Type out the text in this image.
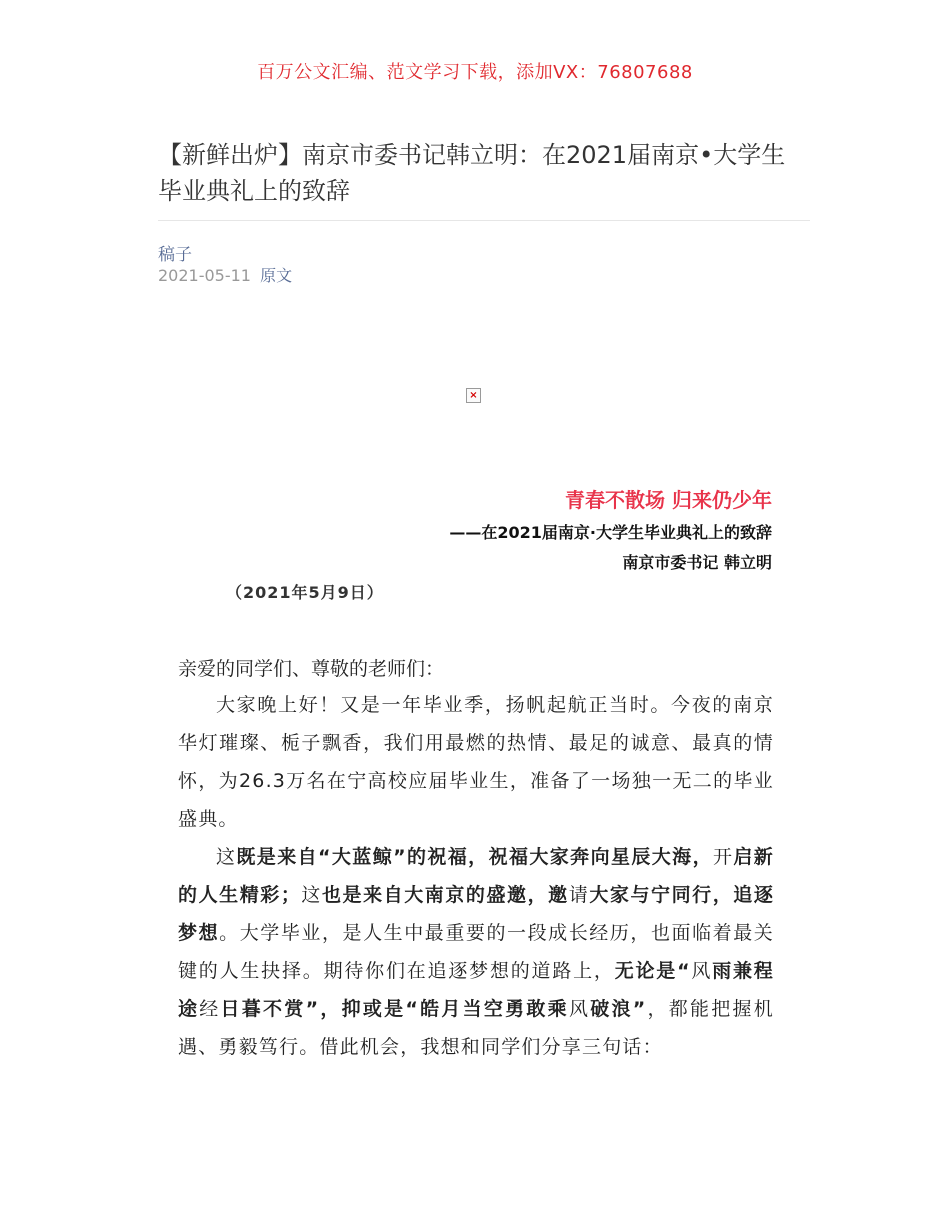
百万公文汇编、范文学习下载，添加VX：76807688
【新鲜出炉】南京市委书记韩立明：在2021届南京•大学生毕业典礼上的致辞
稿子
2021-05-11 原文
×
青春不散场 归来仍少年
——在2021届南京·大学生毕业典礼上的致辞
南京市委书记 韩立明
（2021年5月9日）
亲爱的同学们、尊敬的老师们：

大家晚上好！又是一年毕业季，扬帆起航正当时。今夜的南京华灯璀璨、栀子飘香，我们用最燃的热情、最足的诚意、最真的情怀，为26.3万名在宁高校应届毕业生，准备了一场独一无二的毕业盛典。

这既是来自“大蓝鲸”的祝福，祝福大家奔向星辰大海，开启新的人生精彩；这也是来自大南京的盛邀，邀请大家与宁同行，追逐梦想。大学毕业，是人生中最重要的一段成长经历，也面临着最关键的人生抉择。期待你们在追逐梦想的道路上，无论是“风雨兼程途经日暮不赏”，抑或是“皓月当空勇敢乘风破浪”，都能把握机遇、勇毅笃行。借此机会，我想和同学们分享三句话：
